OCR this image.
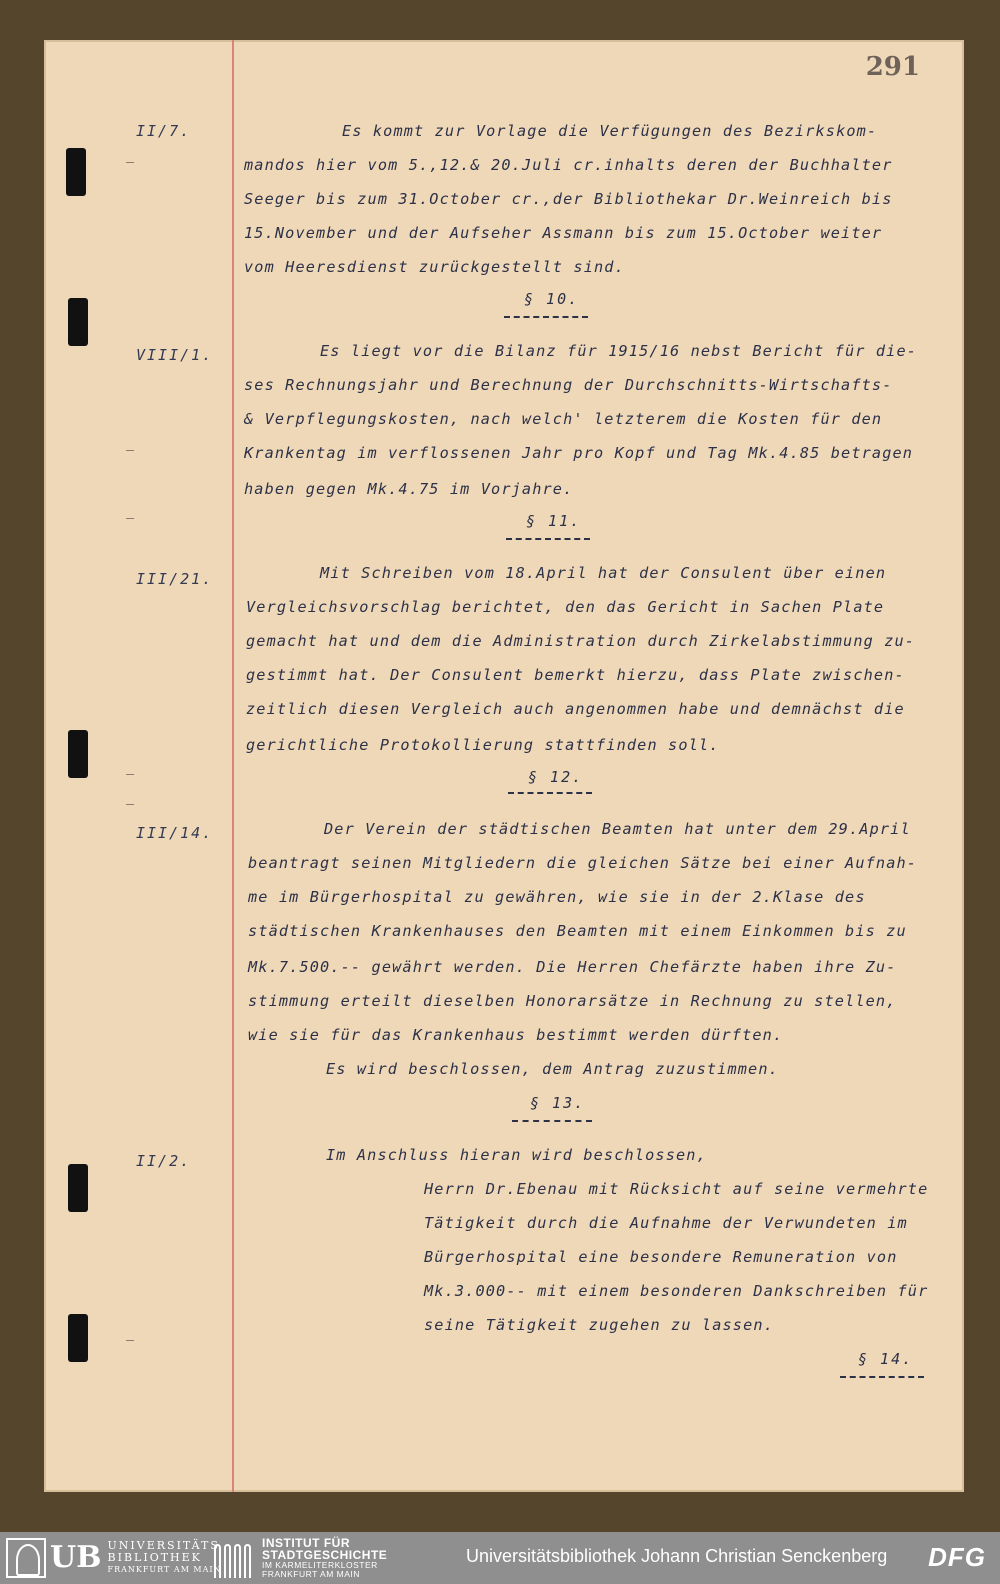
291
II/7.	Es kommt zur Vorlage die Verfügungen des Bezirkskom-
mandos hier vom 5.,12.& 20.Juli cr.inhalts deren der Buchhalter
Seeger bis zum 31.October cr.,der Bibliothekar Dr.Weinreich bis
15.November und der Aufseher Assmann bis zum 15.October weiter
vom Heeresdienst zurückgestellt sind.
§ 10.
VIII/1.	Es liegt vor die Bilanz für 1915/16 nebst Bericht für die-
ses Rechnungsjahr und Berechnung der Durchschnitts-Wirtschafts-
& Verpflegungskosten, nach welch' letzterem die Kosten für den
Krankentag im verflossenen Jahr pro Kopf und Tag Mk.4.85 betragen
haben gegen Mk.4.75 im Vorjahre.
§ 11.
III/21.	Mit Schreiben vom 18.April hat der Consulent über einen
Vergleichsvorschlag berichtet, den das Gericht in Sachen Plate
gemacht hat und dem die Administration durch Zirkelabstimmung zu-
gestimmt hat. Der Consulent bemerkt hierzu, dass Plate zwischen-
zeitlich diesen Vergleich auch angenommen habe und demnächst die
gerichtliche Protokollierung stattfinden soll.
§ 12.
III/14.	Der Verein der städtischen Beamten hat unter dem 29.April
beantragt seinen Mitgliedern die gleichen Sätze bei einer Aufnah-
me im Bürgerhospital zu gewähren, wie sie in der 2.Klase des
städtischen Krankenhauses den Beamten mit einem Einkommen bis zu
Mk.7.500.-- gewährt werden. Die Herren Chefärzte haben ihre Zu-
stimmung erteilt dieselben Honorarsätze in Rechnung zu stellen,
wie sie für das Krankenhaus bestimmt werden dürften.
Es wird beschlossen, dem Antrag zuzustimmen.
§ 13.
II/2.	Im Anschluss hieran wird beschlossen,
Herrn Dr.Ebenau mit Rücksicht auf seine vermehrte
Tätigkeit durch die Aufnahme der Verwundeten im
Bürgerhospital eine besondere Remuneration von
Mk.3.000-- mit einem besonderen Dankschreiben für
seine Tätigkeit zugehen zu lassen.
§ 14.
UB UNIVERSITÄTS
BIBLIOTHEK
FRANKFURT AM MAIN
INSTITUT FÜR
STADTGESCHICHTE
IM KARMELITERKLOSTER
FRANKFURT AM MAIN
Universitätsbibliothek Johann Christian Senckenberg DFG
